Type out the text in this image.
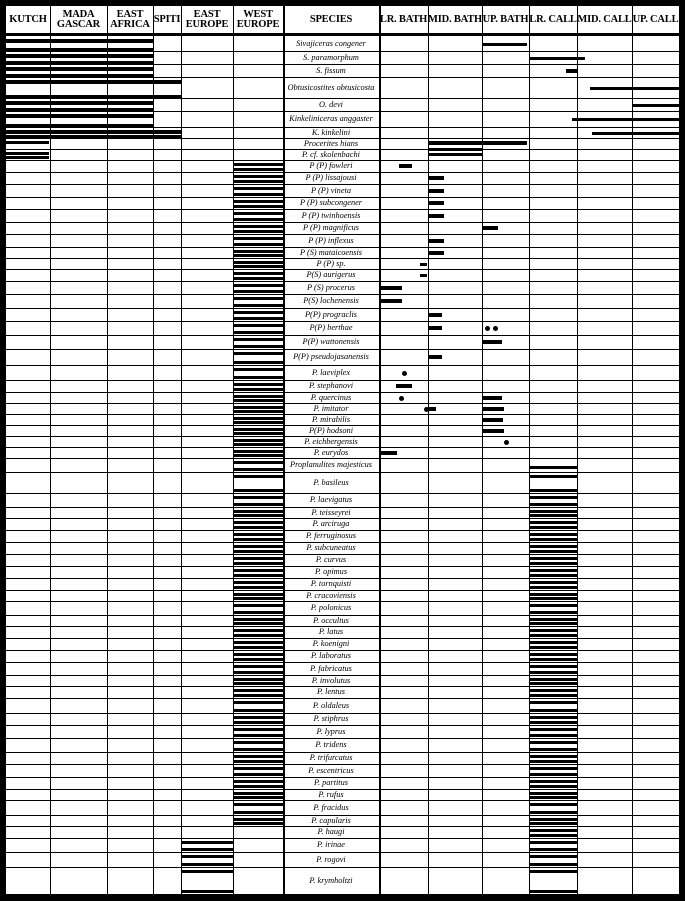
KUTCH MADA
GASCAR
EAST
AFRICA SPITI EAST
EUROPE
WEST
EUROPE	SPECIES	LR. BATH MID. BATH UP. BATH LR. CALL MID. CALL UP. CALL
Sivajiceras congener
S. paramorphum
S. fissum
Obtusicostites obtusicosta
O. devi
Kinkeliniceras anggaster
K. kinkelini
Procerites hians
P. cf. skolenbachi
P (P) fowleri
P (P) lissajousi
P (P) vineta
P (P) subcongener
P (P) twinhoensis
P (P) magnificus
P (P) inflexus
P (S) mataicoensis
P (P) sp.
P(S) aurigerus
P (S) procerus
P(S) lochenensis
P(P) prograclis
P(P) berthae
P(P) wattonensis
P(P) pseudojasanensis
P. laeviplex
P. stephanovi
P. quercinus
P. imitator
P. mirabilis
P(P) hodsoni
P. eichbergensis
P. eurydos
Proplanulites majesticus
P. basileus
P. laevigatus
P. teisseyrei
P. arciruga
P. ferruginosus
P. subcuneatus
P. curvus
P. opimus
P. tornquisti
P. cracoviensis
P. polonicus
P. occultus
P. latus
P. koenigni
P. laboratus
P. fabricatus
P. involutus
P. lentus
P. oldaleus
P. stiphrus
P. lyprus
P. tridens
P. trifurcatus
P. escentricus
P. partitus
P. rufus
P. fracidus
P. capularis
P. haugi
P. irinae
P. rogovi
P. krymholtzi
